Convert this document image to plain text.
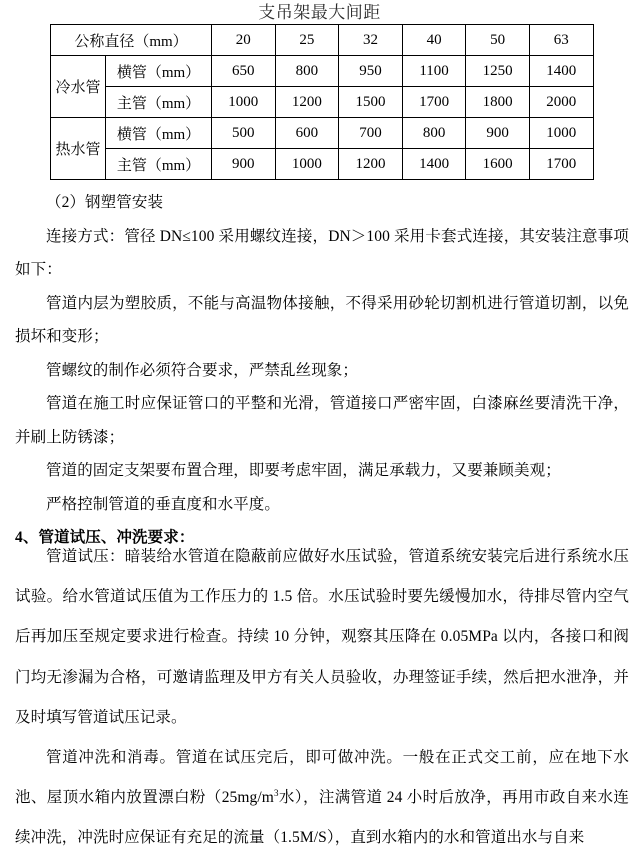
支吊架最大间距
公称直径（mm）		20	25	32	40	50	63
冷水管	横管（mm）	650	800	950	1100	1250	1400
	主管（mm）	1000	1200	1500	1700	1800	2000
热水管	横管（mm）	500	600	700	800	900	1000
	主管（mm）	900	1000	1200	1400	1600	1700

（2）钢塑管安装

连接方式：管径 DN≤100 采用螺纹连接，DN＞100 采用卡套式连接，其安装注意事项如下：

管道内层为塑胶质，不能与高温物体接触，不得采用砂轮切割机进行管道切割，以免损坏和变形；

管螺纹的制作必须符合要求，严禁乱丝现象；

管道在施工时应保证管口的平整和光滑，管道接口严密牢固，白漆麻丝要清洗干净，并刷上防锈漆；

管道的固定支架要布置合理，即要考虑牢固，满足承载力，又要兼顾美观；

严格控制管道的垂直度和水平度。

4、管道试压、冲洗要求：

管道试压：暗装给水管道在隐蔽前应做好水压试验，管道系统安装完后进行系统水压试验。给水管道试压值为工作压力的 1.5 倍。水压试验时要先缓慢加水，待排尽管内空气后再加压至规定要求进行检查。持续 10 分钟，观察其压降在 0.05MPa 以内，各接口和阀门均无渗漏为合格，可邀请监理及甲方有关人员验收，办理签证手续，然后把水泄净，并及时填写管道试压记录。

管道冲洗和消毒。管道在试压完后，即可做冲洗。一般在正式交工前，应在地下水池、屋顶水箱内放置漂白粉（$25mg/m^3$水），注满管道 24 小时后放净，再用市政自来水连续冲洗，冲洗时应保证有充足的流量（1.5M/S），直到水箱内的水和管道出水与自来
